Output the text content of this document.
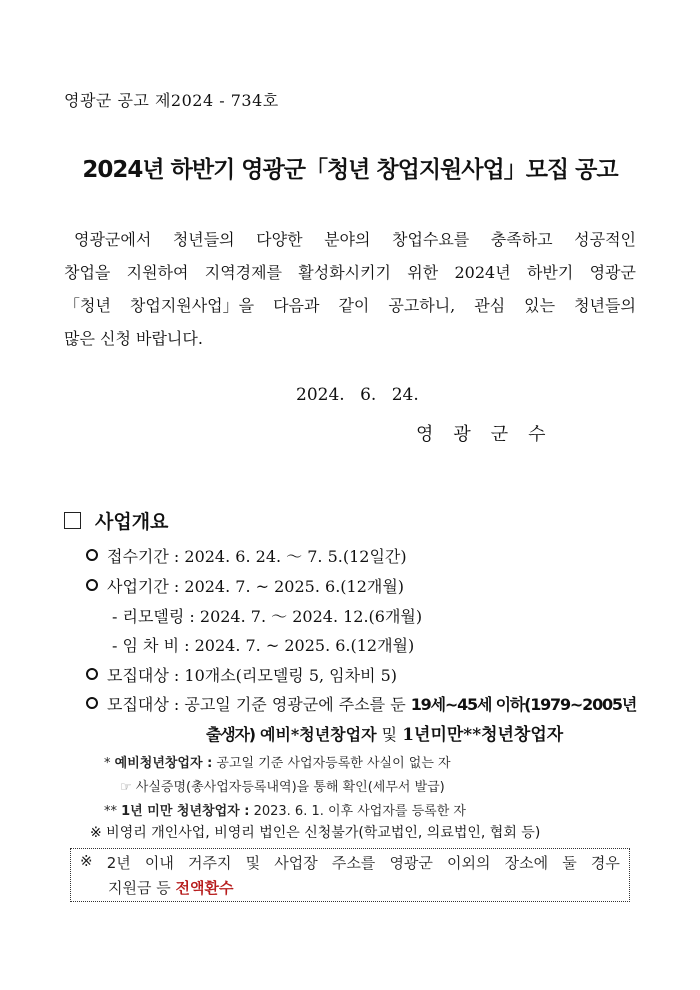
영광군 공고 제2024 - 734호
2024년 하반기 영광군「청년 창업지원사업」모집 공고
영광군에서 청년들의 다양한 분야의 창업수요를 충족하고 성공적인
창업을 지원하여 지역경제를 활성화시키기 위한 2024년 하반기 영광군
「청년 창업지원사업」을 다음과 같이 공고하니, 관심 있는 청년들의
많은 신청 바랍니다.
2024. 6. 24.
영광군수
사업개요
접수기간 : 2024. 6. 24. ～ 7. 5.(12일간)
사업기간 : 2024. 7. ~ 2025. 6.(12개월)
- 리모델링 : 2024. 7. ～ 2024. 12.(6개월)
- 임 차 비 : 2024. 7. ~ 2025. 6.(12개월)
모집대상 : 10개소(리모델링 5, 임차비 5)
모집대상 : 공고일 기준 영광군에 주소를 둔 19세~45세 이하(1979~2005년
출생자) 예비*청년창업자 및 1년미만**청년창업자
* 예비청년창업자 : 공고일 기준 사업자등록한 사실이 없는 자
☞ 사실증명(총사업자등록내역)을 통해 확인(세무서 발급)
** 1년 미만 청년창업자 : 2023. 6. 1. 이후 사업자를 등록한 자
※ 비영리 개인사업, 비영리 법인은 신청불가(학교법인, 의료법인, 협회 등)
※ 2년 이내 거주지 및 사업장 주소를 영광군 이외의 장소에 둘 경우
지원금 등 전액환수
